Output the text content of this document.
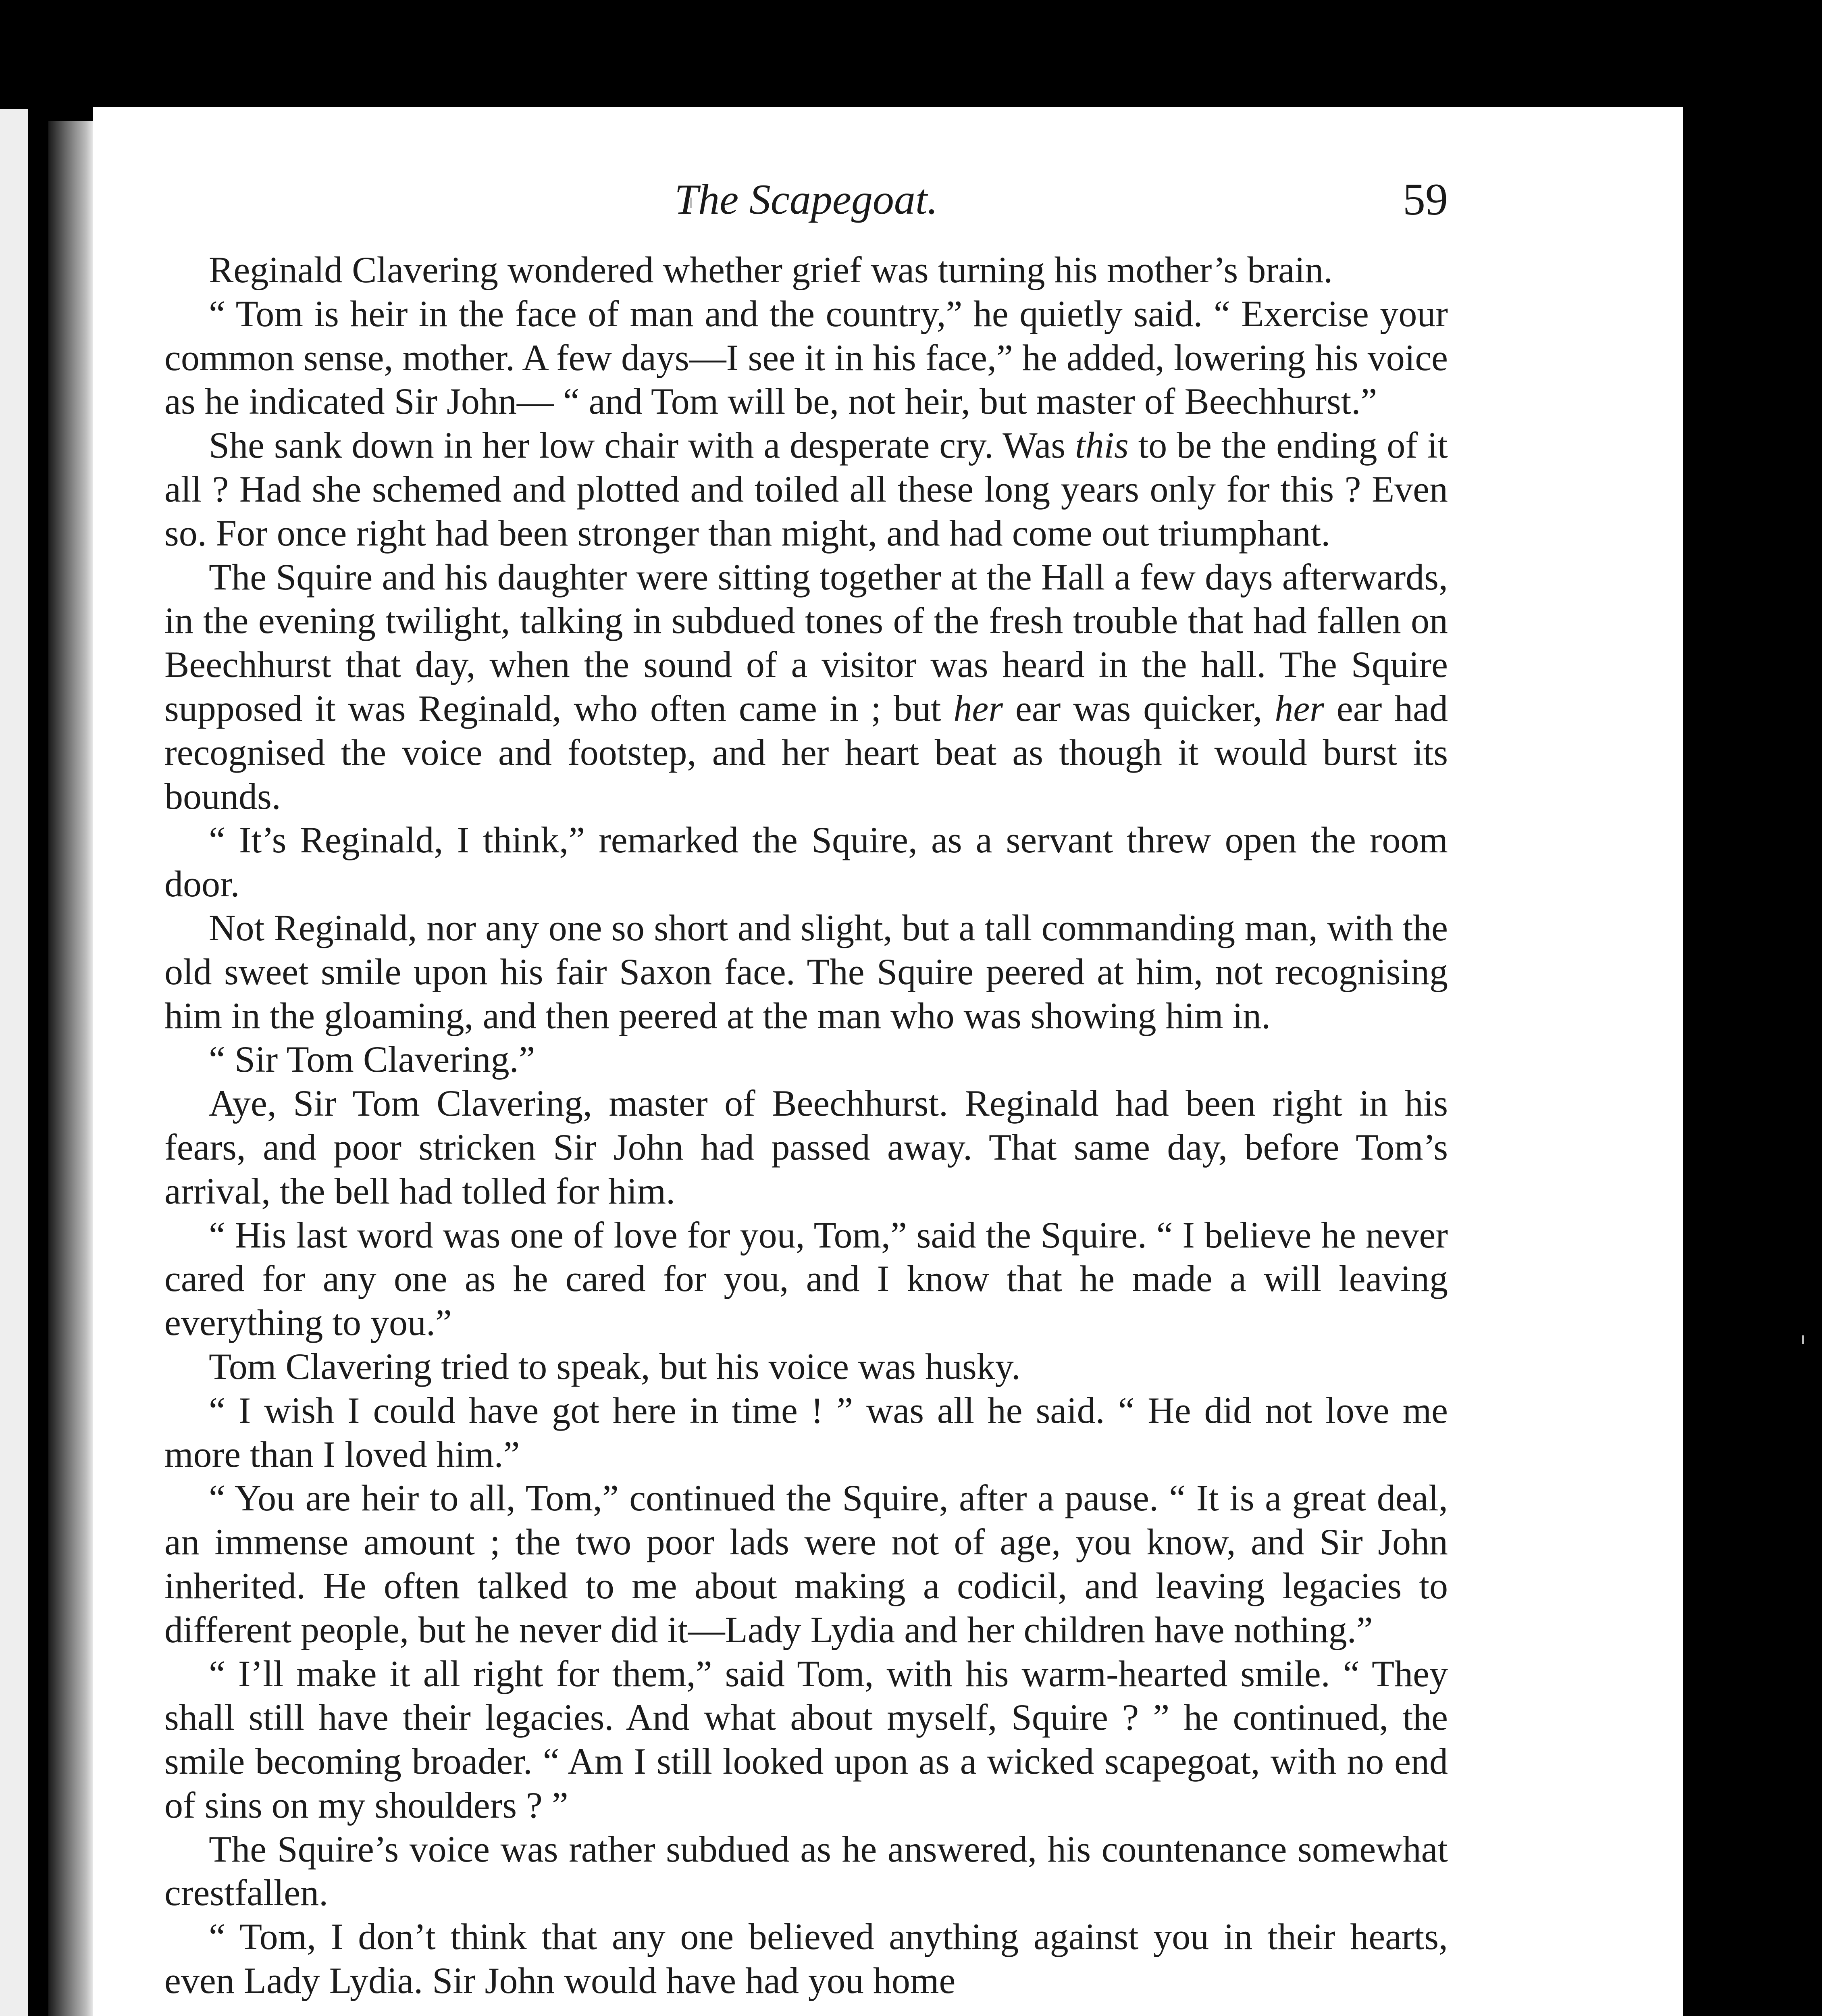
The Scapegoat.	59

Reginald Clavering wondered whether grief was turning his mother’s brain.

“ Tom is heir in the face of man and the country,” he quietly said. “ Exercise your common sense, mother. A few days—I see it in his face,” he added, lowering his voice as he indicated Sir John— “ and Tom will be, not heir, but master of Beechhurst.”

She sank down in her low chair with a desperate cry. Was this to be the ending of it all ? Had she schemed and plotted and toiled all these long years only for this ? Even so. For once right had been stronger than might, and had come out triumphant.

The Squire and his daughter were sitting together at the Hall a few days afterwards, in the evening twilight, talking in subdued tones of the fresh trouble that had fallen on Beechhurst that day, when the sound of a visitor was heard in the hall. The Squire supposed it was Reginald, who often came in ; but her ear was quicker, her ear had recognised the voice and footstep, and her heart beat as though it would burst its bounds.

“ It’s Reginald, I think,” remarked the Squire, as a servant threw open the room door.

Not Reginald, nor any one so short and slight, but a tall commanding man, with the old sweet smile upon his fair Saxon face. The Squire peered at him, not recognising him in the gloaming, and then peered at the man who was showing him in.

“ Sir Tom Clavering.”

Aye, Sir Tom Clavering, master of Beechhurst. Reginald had been right in his fears, and poor stricken Sir John had passed away. That same day, before Tom’s arrival, the bell had tolled for him.

“ His last word was one of love for you, Tom,” said the Squire. “ I believe he never cared for any one as he cared for you, and I know that he made a will leaving everything to you.”

Tom Clavering tried to speak, but his voice was husky.

“ I wish I could have got here in time ! ” was all he said. “ He did not love me more than I loved him.”

“ You are heir to all, Tom,” continued the Squire, after a pause. “ It is a great deal, an immense amount ; the two poor lads were not of age, you know, and Sir John inherited. He often talked to me about making a codicil, and leaving legacies to different people, but he never did it—Lady Lydia and her children have nothing.”

“ I’ll make it all right for them,” said Tom, with his warm-hearted smile. “ They shall still have their legacies. And what about myself, Squire ? ” he continued, the smile becoming broader. “ Am I still looked upon as a wicked scapegoat, with no end of sins on my shoulders ? ”

The Squire’s voice was rather subdued as he answered, his countenance somewhat crestfallen.

“ Tom, I don’t think that any one believed anything against you in their hearts, even Lady Lydia. Sir John would have had you home
